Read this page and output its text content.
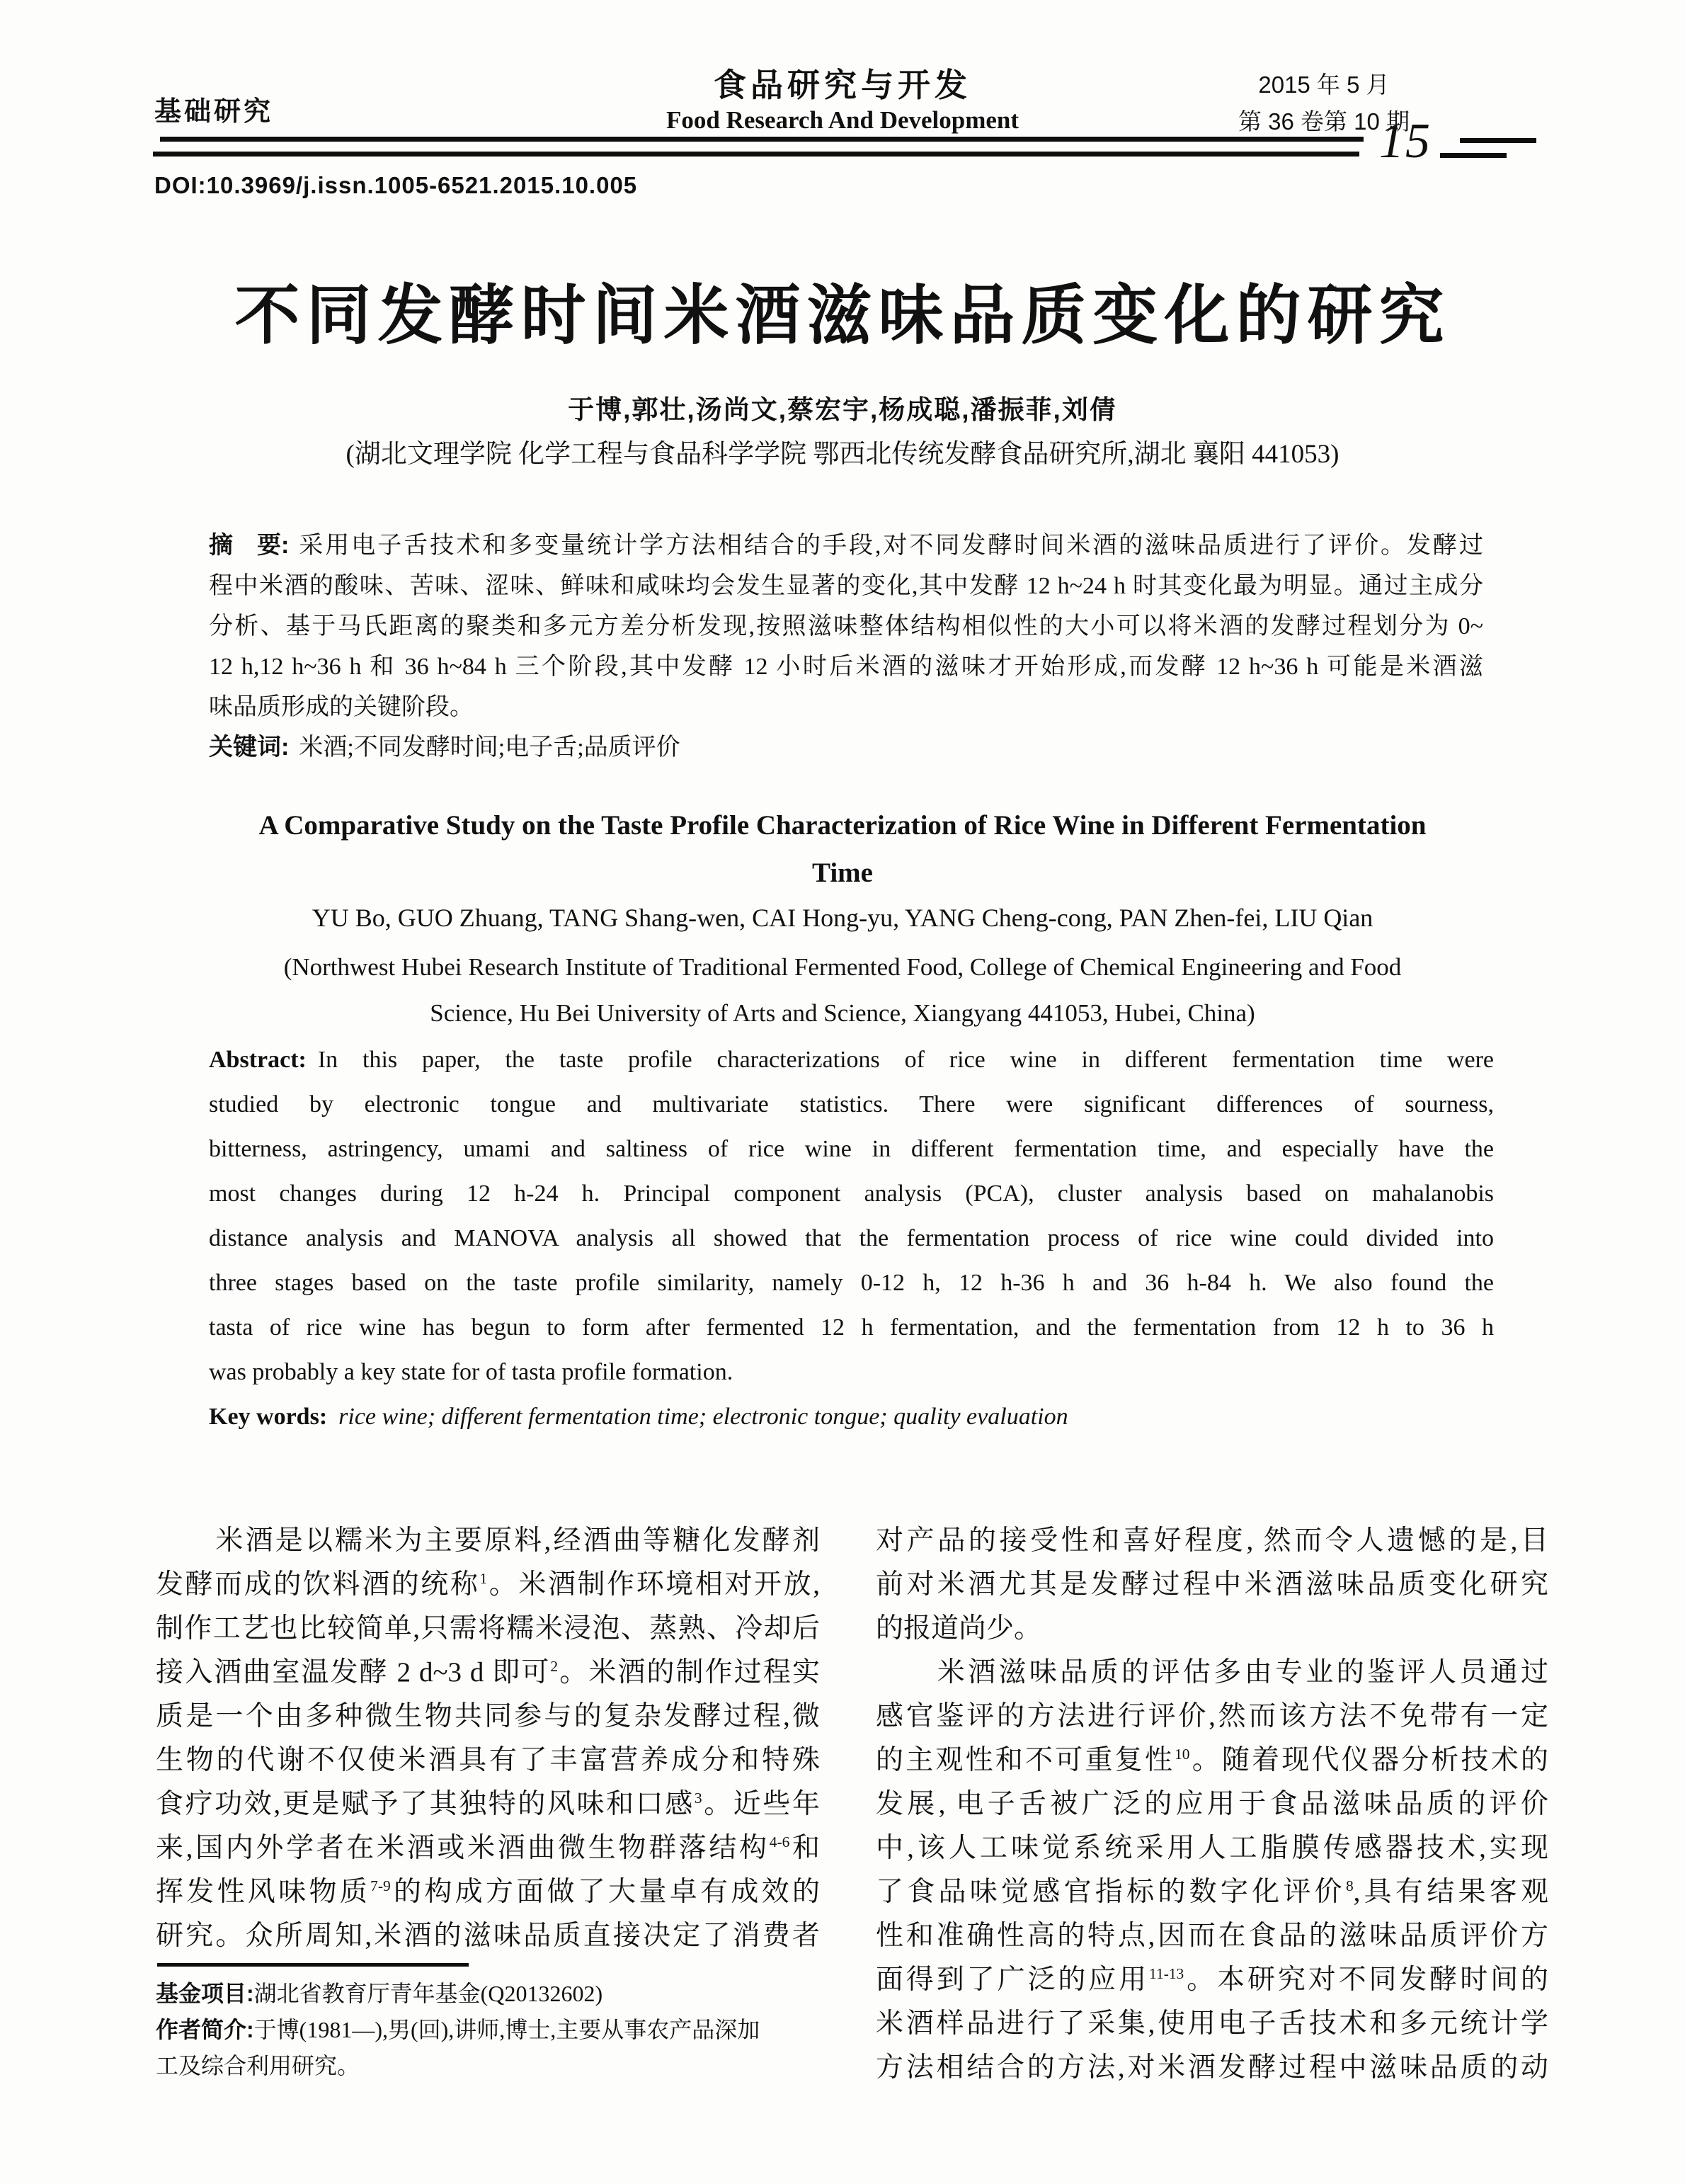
基础研究
食品研究与开发
Food Research And Development
2015 年 5 月
第 36 卷第 10 期
15
DOI:10.3969/j.issn.1005-6521.2015.10.005
不同发酵时间米酒滋味品质变化的研究
于博,郭壮,汤尚文,蔡宏宇,杨成聪,潘振菲,刘倩
(湖北文理学院 化学工程与食品科学学院 鄂西北传统发酵食品研究所,湖北 襄阳 441053)
摘　要: 采用电子舌技术和多变量统计学方法相结合的手段,对不同发酵时间米酒的滋味品质进行了评价。发酵过
程中米酒的酸味、苦味、涩味、鲜味和咸味均会发生显著的变化,其中发酵 12 h~24 h 时其变化最为明显。通过主成分
分析、基于马氏距离的聚类和多元方差分析发现,按照滋味整体结构相似性的大小可以将米酒的发酵过程划分为 0~
12 h,12 h~36 h 和 36 h~84 h 三个阶段,其中发酵 12 小时后米酒的滋味才开始形成,而发酵 12 h~36 h 可能是米酒滋
味品质形成的关键阶段。
关键词: 米酒;不同发酵时间;电子舌;品质评价
A Comparative Study on the Taste Profile Characterization of Rice Wine in Different Fermentation
Time
YU Bo, GUO Zhuang, TANG Shang-wen, CAI Hong-yu, YANG Cheng-cong, PAN Zhen-fei, LIU Qian
(Northwest Hubei Research Institute of Traditional Fermented Food, College of Chemical Engineering and Food
Science, Hu Bei University of Arts and Science, Xiangyang 441053, Hubei, China)
Abstract: In this paper, the taste profile characterizations of rice wine in different fermentation time were
studied by electronic tongue and multivariate statistics. There were significant differences of sourness,
bitterness, astringency, umami and saltiness of rice wine in different fermentation time, and especially have the
most changes during 12 h-24 h. Principal component analysis (PCA), cluster analysis based on mahalanobis
distance analysis and MANOVA analysis all showed that the fermentation process of rice wine could divided into
three stages based on the taste profile similarity, namely 0-12 h, 12 h-36 h and 36 h-84 h. We also found the
tasta of rice wine has begun to form after fermented 12 h fermentation, and the fermentation from 12 h to 36 h
was probably a key state for of tasta profile formation.
Key words: rice wine; different fermentation time; electronic tongue; quality evaluation
　　米酒是以糯米为主要原料,经酒曲等糖化发酵剂
发酵而成的饮料酒的统称$^1$。米酒制作环境相对开放,
制作工艺也比较简单,只需将糯米浸泡、蒸熟、冷却后
接入酒曲室温发酵 2 d~3 d 即可$^2$。米酒的制作过程实
质是一个由多种微生物共同参与的复杂发酵过程,微
生物的代谢不仅使米酒具有了丰富营养成分和特殊
食疗功效,更是赋予了其独特的风味和口感$^3$。近些年
来,国内外学者在米酒或米酒曲微生物群落结构$^{4-6}$和
挥发性风味物质$^{7-9}$的构成方面做了大量卓有成效的
研究。众所周知,米酒的滋味品质直接决定了消费者
对产品的接受性和喜好程度, 然而令人遗憾的是,目
前对米酒尤其是发酵过程中米酒滋味品质变化研究
的报道尚少。
　　米酒滋味品质的评估多由专业的鉴评人员通过
感官鉴评的方法进行评价,然而该方法不免带有一定
的主观性和不可重复性$^{10}$。随着现代仪器分析技术的
发展, 电子舌被广泛的应用于食品滋味品质的评价
中,该人工味觉系统采用人工脂膜传感器技术,实现
了食品味觉感官指标的数字化评价$^8$,具有结果客观
性和准确性高的特点,因而在食品的滋味品质评价方
面得到了广泛的应用$^{11-13}$。本研究对不同发酵时间的
米酒样品进行了采集,使用电子舌技术和多元统计学
方法相结合的方法,对米酒发酵过程中滋味品质的动
基金项目: 湖北省教育厅青年基金(Q20132602)
作者简介: 于博(1981—),男(回),讲师,博士,主要从事农产品深加
工及综合利用研究。
